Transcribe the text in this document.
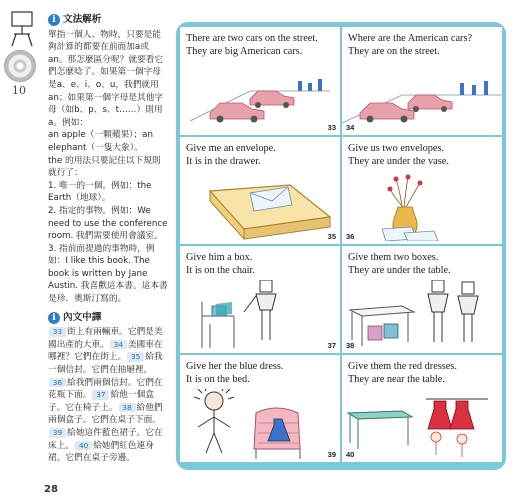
10
i 文法解析

單指一個人、物時，只要是能夠計算的都要在前面加a或an。那怎麼區分呢？就要看它們怎麼唸了。如果第一個字母是a、e、i、o、u，我們就用an；如果第一個字母是其他字母（如b、p、s、t……）則用a。例如：

an apple（一顆蘋果）；an elephant（一隻大象）。

the 的用法只要記住以下規則就行了：

1. 唯一的一個。例如：the Earth（地球）。

2. 指定的事物。例如：We need to use the conference room. 我們需要使用會議室。

3. 指前面提過的事物時，例如：I like this book. The book is written by Jane Austin. 我喜歡這本書。這本書是珍．奧斯汀寫的。

i 內文中譯

33 街上有兩輛車。它們是美國出產的大車。 34 美國車在哪裡？它們在街上。 35 給我一個信封。它們在抽屜裡。36 給我們兩個信封。它們在花瓶下面。 37 給他一個盒子。它在椅子上。 38 給他們兩個盒子。它們在桌子下面。39 給她這件藍色裙子。它在床上。 40 給她們紅色連身裙。它們在桌子旁邊。

28
There are two cars on the street.
They are big American cars.
33
Where are the American cars?
They are on the street.
34
Give me an envelope.
It is in the drawer.
35
Give us two envelopes.
They are under the vase.
36
Give him a box.
It is on the chair.
37
Give them two boxes.
They are under the table.
38
Give her the blue dress.
It is on the bed.
39
Give them the red dresses.
They are near the table.
40
